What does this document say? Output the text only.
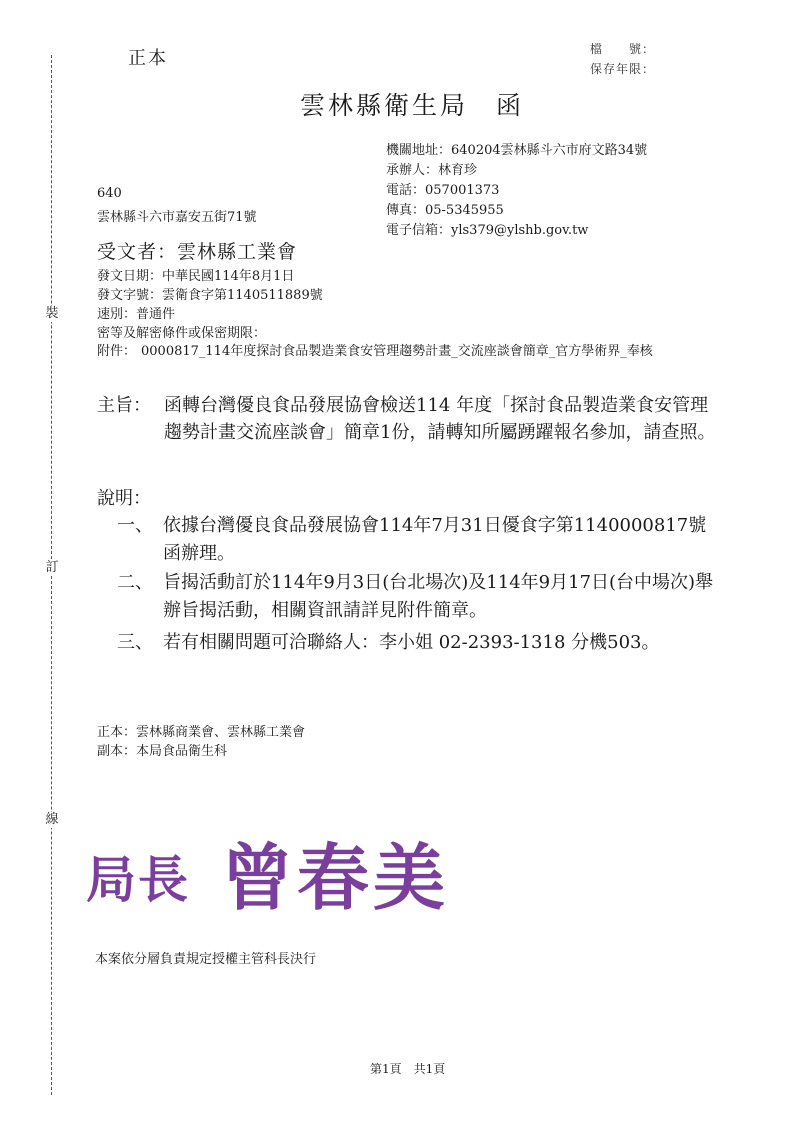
裝
訂
線
正本	檔　　號：
保存年限：
雲林縣衛生局　函
機關地址：640204雲林縣斗六市府文路34號
承辦人：林育珍
電話：057001373
傳真：05-5345955
電子信箱：yls379@ylshb.gov.tw
640
雲林縣斗六市嘉安五街71號
受文者：雲林縣工業會
發文日期：中華民國114年8月1日
發文字號：雲衛食字第1140511889號
速別：普通件
密等及解密條件或保密期限：
附件： 0000817_114年度探討食品製造業食安管理趨勢計畫_交流座談會簡章_官方學術界_奉核
主旨： 函轉台灣優良食品發展協會檢送114 年度「探討食品製造業食安管理趨勢計畫交流座談會」簡章1份，請轉知所屬踴躍報名參加，請查照。
說明：
一、 依據台灣優良食品發展協會114年7月31日優食字第1140000817號函辦理。
二、 旨揭活動訂於114年9月3日(台北場次)及114年9月17日(台中場次)舉辦旨揭活動，相關資訊請詳見附件簡章。
三、 若有相關問題可洽聯絡人：李小姐 02-2393-1318 分機503。
正本：雲林縣商業會、雲林縣工業會
副本：本局食品衛生科
局長 曾春美
本案依分層負責規定授權主管科長決行
第1頁　共1頁
